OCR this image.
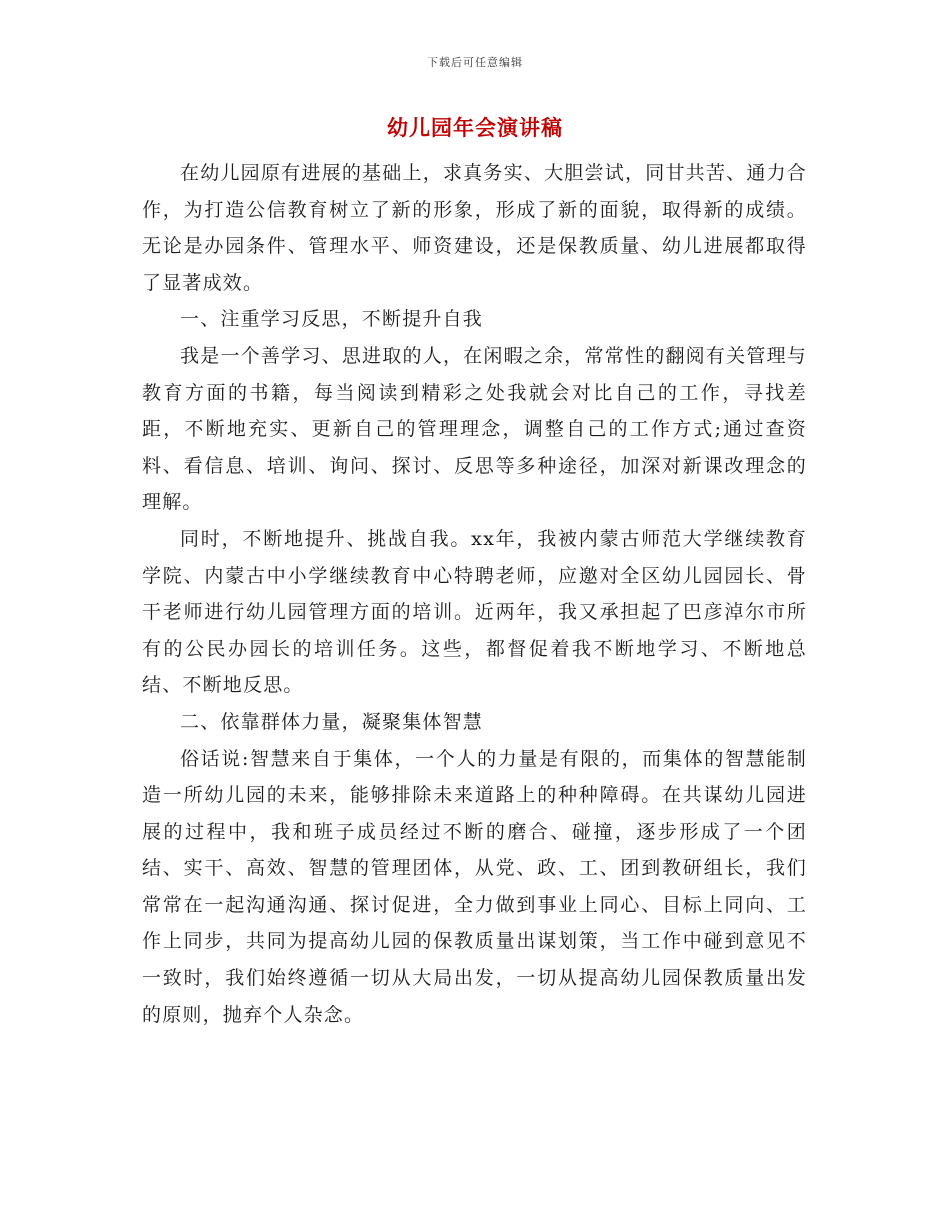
下载后可任意编辑
幼儿园年会演讲稿

在幼儿园原有进展的基础上，求真务实、大胆尝试，同甘共苦、通力合作，为打造公信教育树立了新的形象，形成了新的面貌，取得新的成绩。无论是办园条件、管理水平、师资建设，还是保教质量、幼儿进展都取得了显著成效。

一、注重学习反思，不断提升自我

我是一个善学习、思进取的人，在闲暇之余，常常性的翻阅有关管理与教育方面的书籍，每当阅读到精彩之处我就会对比自己的工作，寻找差距，不断地充实、更新自己的管理理念，调整自己的工作方式;通过查资料、看信息、培训、询问、探讨、反思等多种途径，加深对新课改理念的理解。

同时，不断地提升、挑战自我。xx年，我被内蒙古师范大学继续教育学院、内蒙古中小学继续教育中心特聘老师，应邀对全区幼儿园园长、骨干老师进行幼儿园管理方面的培训。近两年，我又承担起了巴彦淖尔市所有的公民办园长的培训任务。这些，都督促着我不断地学习、不断地总结、不断地反思。

二、依靠群体力量，凝聚集体智慧

俗话说:智慧来自于集体，一个人的力量是有限的，而集体的智慧能制造一所幼儿园的未来，能够排除未来道路上的种种障碍。在共谋幼儿园进展的过程中，我和班子成员经过不断的磨合、碰撞，逐步形成了一个团结、实干、高效、智慧的管理团体，从党、政、工、团到教研组长，我们常常在一起沟通沟通、探讨促进，全力做到事业上同心、目标上同向、工作上同步，共同为提高幼儿园的保教质量出谋划策，当工作中碰到意见不一致时，我们始终遵循一切从大局出发，一切从提高幼儿园保教质量出发的原则，抛弃个人杂念。
